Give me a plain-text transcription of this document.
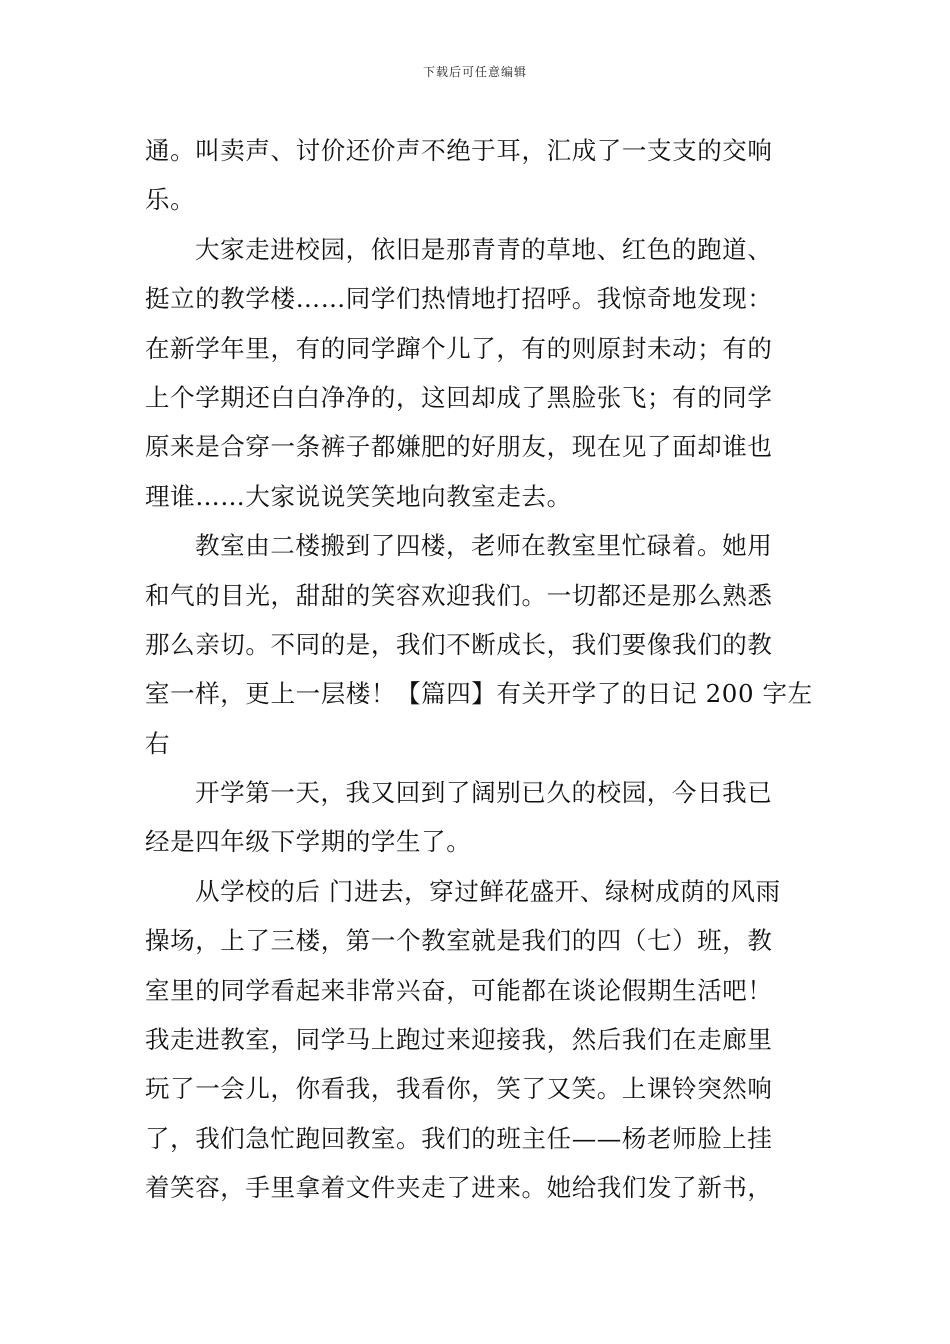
下载后可任意编辑
通。叫卖声、讨价还价声不绝于耳，汇成了一支支的交响
乐。
大家走进校园，依旧是那青青的草地、红色的跑道、
挺立的教学楼……同学们热情地打招呼。我惊奇地发现：
在新学年里，有的同学蹿个儿了，有的则原封未动；有的
上个学期还白白净净的，这回却成了黑脸张飞；有的同学
原来是合穿一条裤子都嫌肥的好朋友，现在见了面却谁也
理谁……大家说说笑笑地向教室走去。
教室由二楼搬到了四楼，老师在教室里忙碌着。她用
和气的目光，甜甜的笑容欢迎我们。一切都还是那么熟悉
那么亲切。不同的是，我们不断成长，我们要像我们的教
室一样，更上一层楼！【篇四】有关开学了的日记 200 字左
右
开学第一天，我又回到了阔别已久的校园，今日我已
经是四年级下学期的学生了。
从学校的后 门进去，穿过鲜花盛开、绿树成荫的风雨
操场，上了三楼，第一个教室就是我们的四（七）班，教
室里的同学看起来非常兴奋，可能都在谈论假期生活吧！
我走进教室，同学马上跑过来迎接我，然后我们在走廊里
玩了一会儿，你看我，我看你，笑了又笑。上课铃突然响
了，我们急忙跑回教室。我们的班主任——杨老师脸上挂
着笑容，手里拿着文件夹走了进来。她给我们发了新书，
